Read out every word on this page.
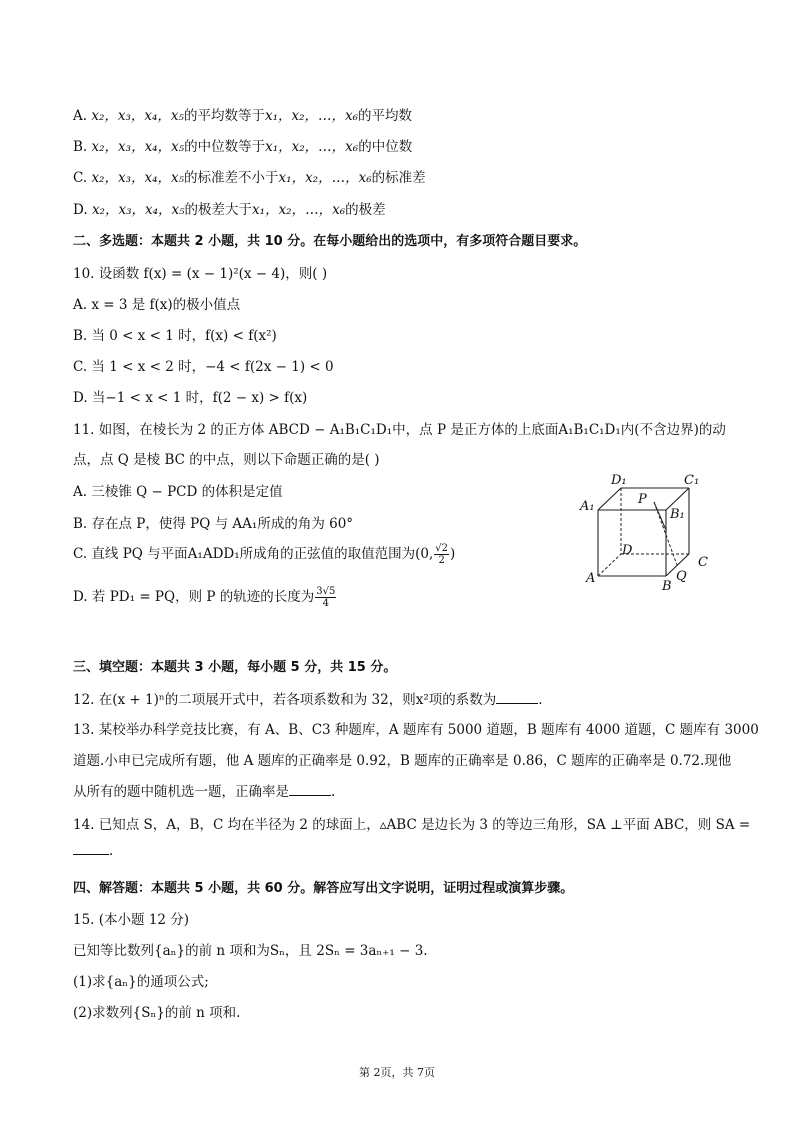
A. x₂，x₃，x₄，x₅的平均数等于x₁，x₂，…，x₆的平均数
B. x₂，x₃，x₄，x₅的中位数等于x₁，x₂，…，x₆的中位数
C. x₂，x₃，x₄，x₅的标准差不小于x₁，x₂，…，x₆的标准差
D. x₂，x₃，x₄，x₅的极差大于x₁，x₂，…，x₆的极差
二、多选题：本题共 2 小题，共 10 分。在每小题给出的选项中，有多项符合题目要求。
10. 设函数 f(x) = (x − 1)²(x − 4)，则( )
A. x = 3 是 f(x)的极小值点
B. 当 0 < x < 1 时，f(x) < f(x²)
C. 当 1 < x < 2 时，−4 < f(2x − 1) < 0
D. 当−1 < x < 1 时，f(2 − x) > f(x)
11. 如图，在棱长为 2 的正方体 ABCD − A₁B₁C₁D₁中，点 P 是正方体的上底面A₁B₁C₁D₁内(不含边界)的动
点，点 Q 是棱 BC 的中点，则以下命题正确的是( )
A. 三棱锥 Q − PCD 的体积是定值
B. 存在点 P，使得 PQ 与 AA₁所成的角为 60°
C. 直线 PQ 与平面A₁ADD₁所成角的正弦值的取值范围为(0, $\frac{√2}{2}$ )
D. 若 PD₁ = PQ，则 P 的轨迹的长度为 $\frac{3√5}{4}$
D₁	C₁
A₁
B₁
P
D
C
A
B
Q
三、填空题：本题共 3 小题，每小题 5 分，共 15 分。
12. 在(x + 1)ⁿ的二项展开式中，若各项系数和为 32，则x²项的系数为	.
13. 某校举办科学竞技比赛，有 A、B、C3 种题库，A 题库有 5000 道题，B 题库有 4000 道题，C 题库有 3000
道题.小申已完成所有题，他 A 题库的正确率是 0.92，B 题库的正确率是 0.86，C 题库的正确率是 0.72.现他
从所有的题中随机选一题，正确率是	.
14. 已知点 S，A，B，C 均在半径为 2 的球面上，▵ABC 是边长为 3 的等边三角形，SA ⊥平面 ABC，则 SA =
.
四、解答题：本题共 5 小题，共 60 分。解答应写出文字说明，证明过程或演算步骤。
15. (本小题 12 分)
已知等比数列{aₙ}的前 n 项和为Sₙ，且 2Sₙ = 3aₙ₊₁ − 3.
(1)求{aₙ}的通项公式;
(2)求数列{Sₙ}的前 n 项和.
第 2页，共 7页
